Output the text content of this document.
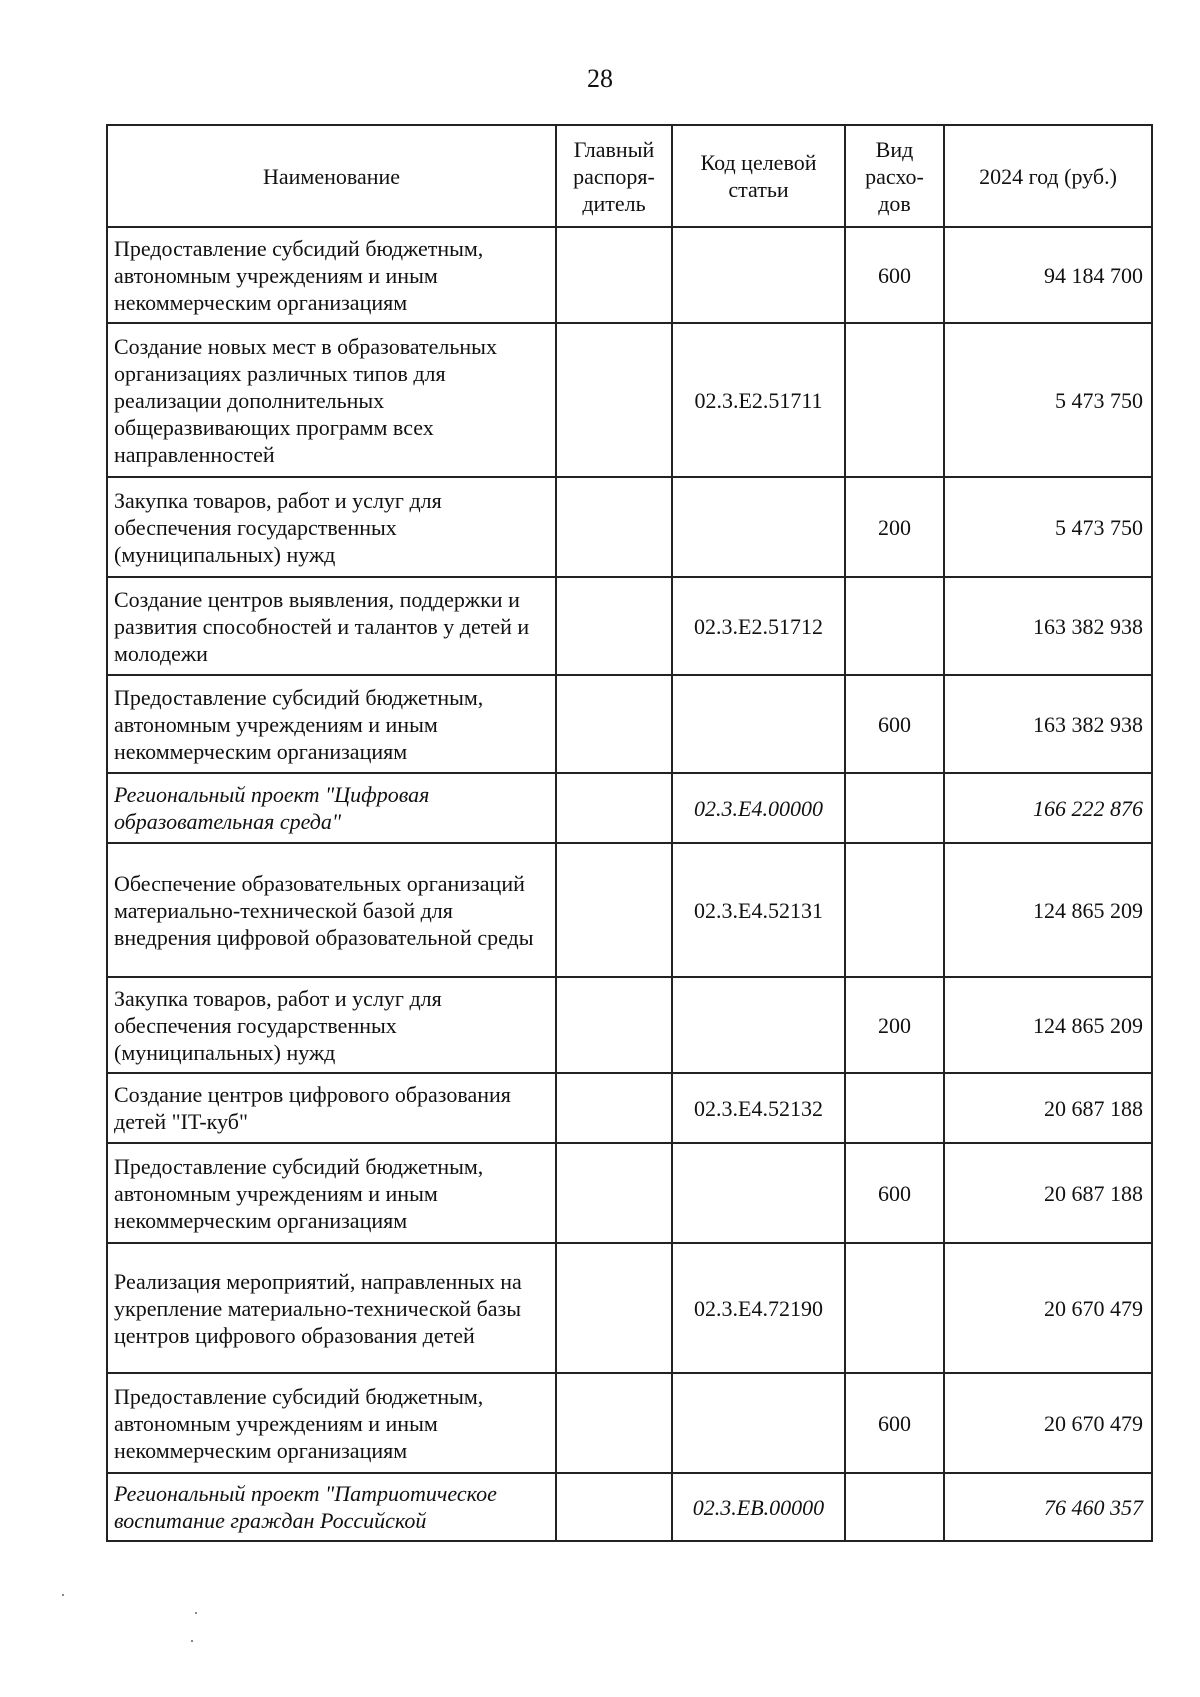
28
Наименование	Главный распоря-дитель	Код целевой статьи	Вид расхо-дов	2024 год (руб.)
Предоставление субсидий бюджетным, автономным учреждениям и иным некоммерческим организациям			600	94 184 700
Создание новых мест в образовательных организациях различных типов для реализации дополнительных общеразвивающих программ всех направленностей		02.3.Е2.51711		5 473 750
Закупка товаров, работ и услуг для обеспечения государственных (муниципальных) нужд			200	5 473 750
Создание центров выявления, поддержки и развития способностей и талантов у детей и молодежи		02.3.Е2.51712		163 382 938
Предоставление субсидий бюджетным, автономным учреждениям и иным некоммерческим организациям			600	163 382 938
Региональный проект "Цифровая образовательная среда"		02.3.Е4.00000		166 222 876
Обеспечение образовательных организаций материально-технической базой для внедрения цифровой образовательной среды		02.3.Е4.52131		124 865 209
Закупка товаров, работ и услуг для обеспечения государственных (муниципальных) нужд			200	124 865 209
Создание центров цифрового образования детей "IT-куб"		02.3.Е4.52132		20 687 188
Предоставление субсидий бюджетным, автономным учреждениям и иным некоммерческим организациям			600	20 687 188
Реализация мероприятий, направленных на укрепление материально-технической базы центров цифрового образования детей		02.3.Е4.72190		20 670 479
Предоставление субсидий бюджетным, автономным учреждениям и иным некоммерческим организациям			600	20 670 479
Региональный проект "Патриотическое воспитание граждан Российской		02.3.ЕВ.00000		76 460 357
